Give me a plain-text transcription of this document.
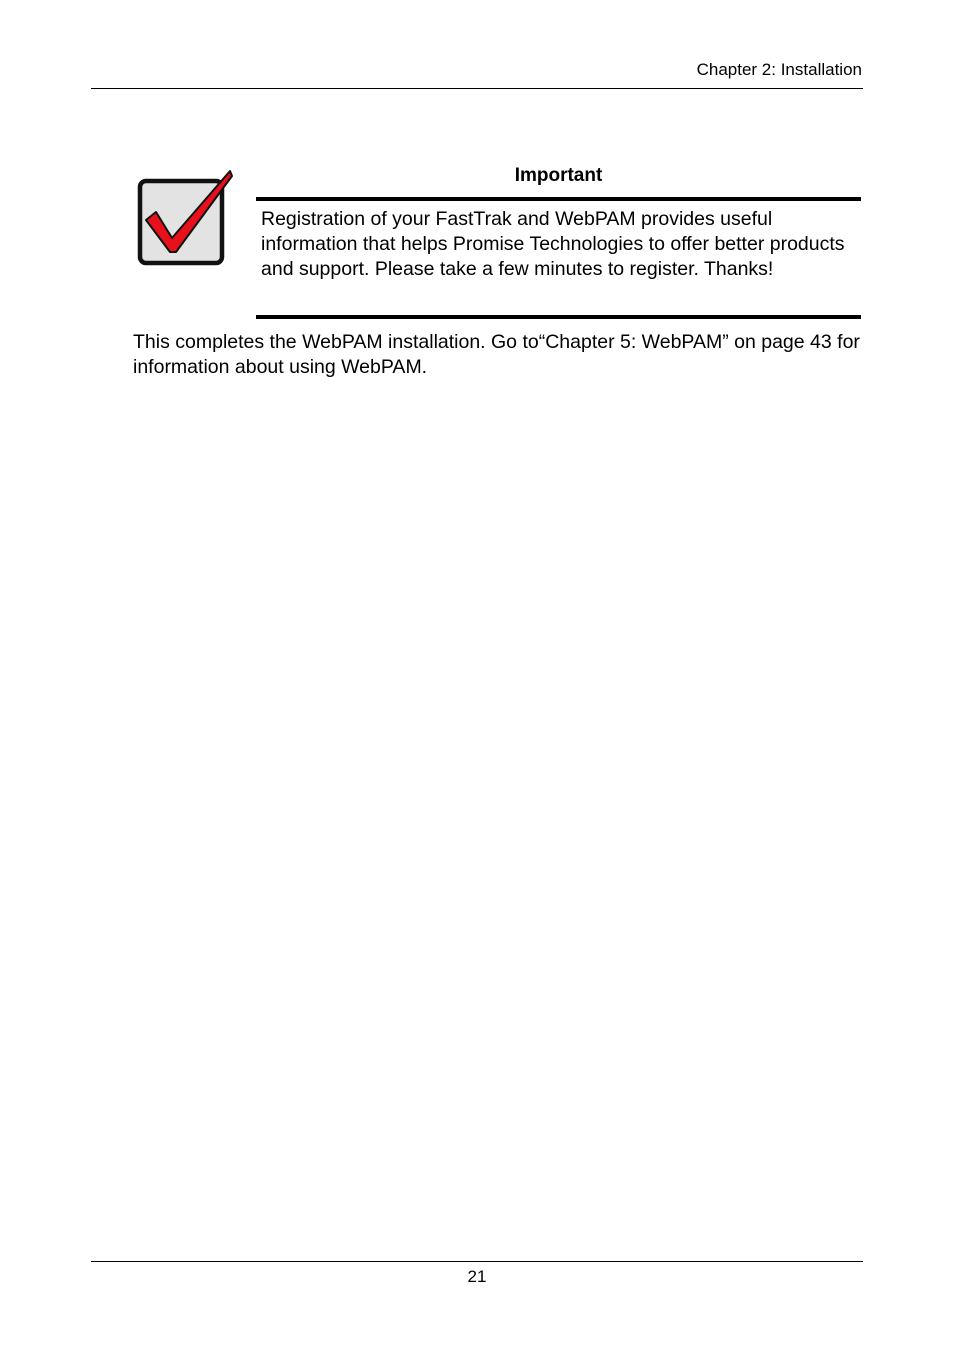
Chapter 2: Installation
Important
Registration of your FastTrak and WebPAM provides useful information that helps Promise Technologies to offer better products and support. Please take a few minutes to register. Thanks!
This completes the WebPAM installation. Go to“Chapter 5: WebPAM” on page 43 for information about using WebPAM.
21
